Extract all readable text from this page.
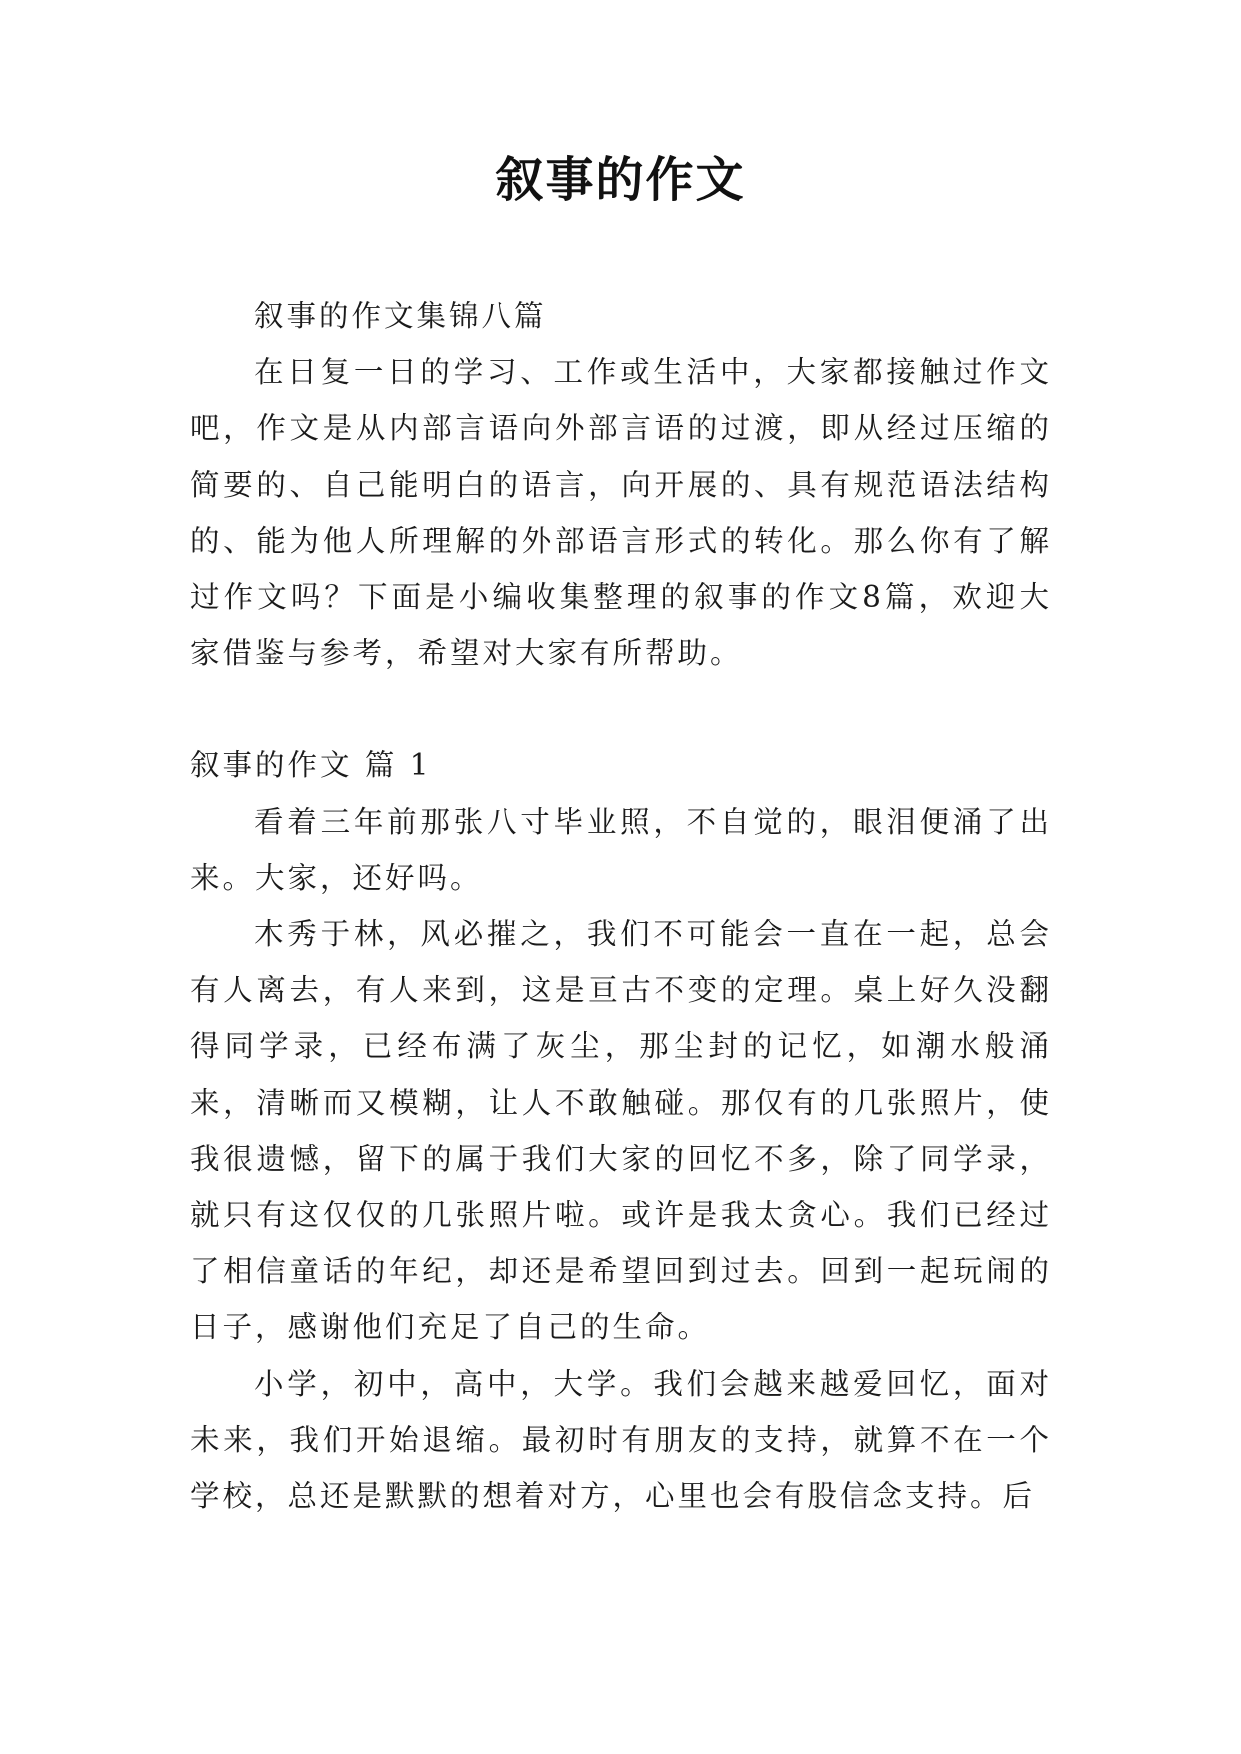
叙事的作文

叙事的作文集锦八篇

在日复一日的学习、工作或生活中，大家都接触过作文吧，作文是从内部言语向外部言语的过渡，即从经过压缩的简要的、自己能明白的语言，向开展的、具有规范语法结构的、能为他人所理解的外部语言形式的转化。那么你有了解过作文吗？下面是小编收集整理的叙事的作文8篇，欢迎大家借鉴与参考，希望对大家有所帮助。

叙事的作文 篇 1

看着三年前那张八寸毕业照，不自觉的，眼泪便涌了出来。大家，还好吗。

木秀于林，风必摧之，我们不可能会一直在一起，总会有人离去，有人来到，这是亘古不变的定理。桌上好久没翻得同学录，已经布满了灰尘，那尘封的记忆，如潮水般涌来，清晰而又模糊，让人不敢触碰。那仅有的几张照片，使我很遗憾，留下的属于我们大家的回忆不多，除了同学录，就只有这仅仅的几张照片啦。或许是我太贪心。我们已经过了相信童话的年纪，却还是希望回到过去。回到一起玩闹的日子，感谢他们充足了自己的生命。

小学，初中，高中，大学。我们会越来越爱回忆，面对未来，我们开始退缩。最初时有朋友的支持，就算不在一个学校，总还是默默的想着对方，心里也会有股信念支持。后
